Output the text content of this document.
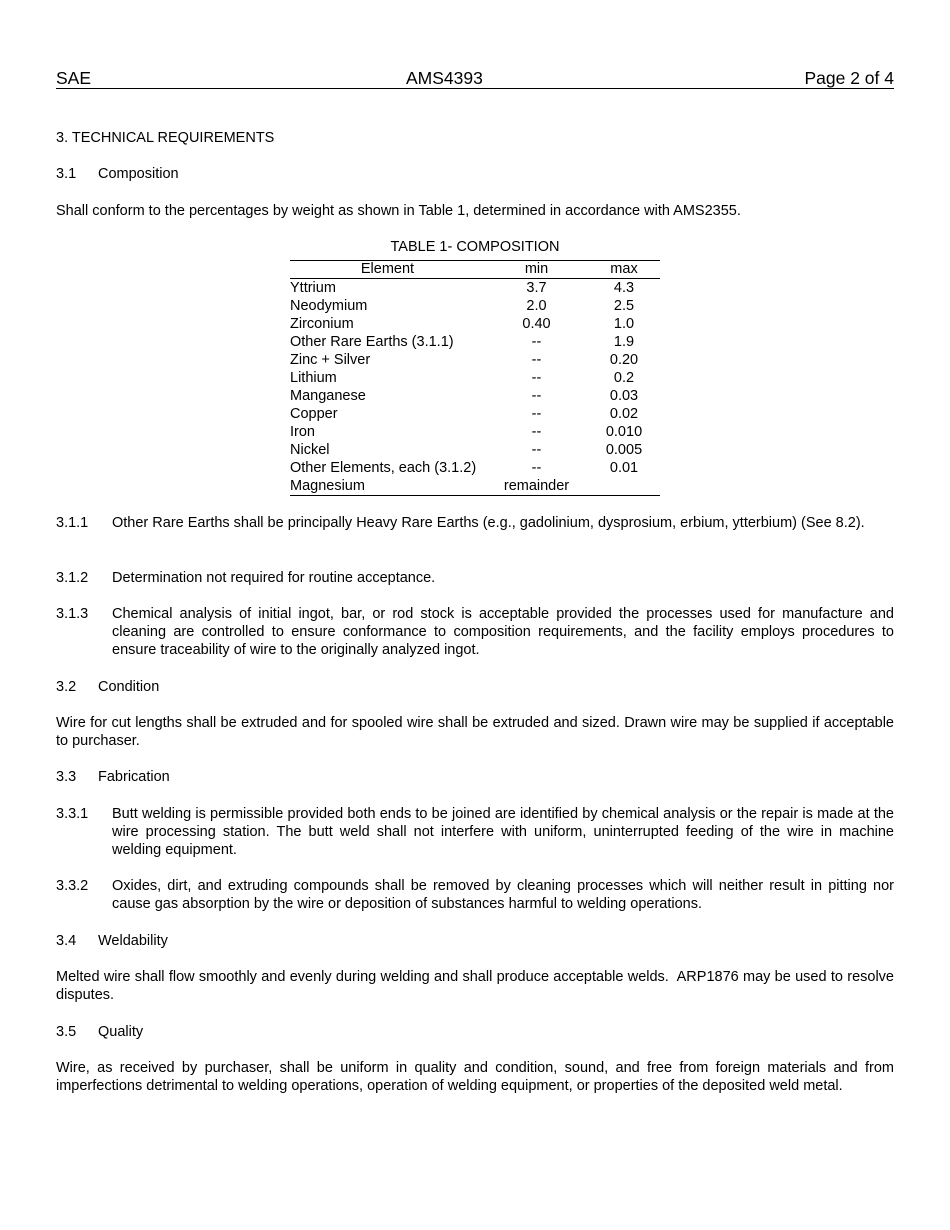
SAE	AMS4393	Page 2 of 4
3. TECHNICAL REQUIREMENTS
3.1 Composition
Shall conform to the percentages by weight as shown in Table 1, determined in accordance with AMS2355.
TABLE 1- COMPOSITION
Element	min	max
Yttrium	3.7	4.3
Neodymium	2.0	2.5
Zirconium	0.40	1.0
Other Rare Earths (3.1.1)	--	1.9
Zinc + Silver	--	0.20
Lithium	--	0.2
Manganese	--	0.03
Copper	--	0.02
Iron	--	0.010
Nickel	--	0.005
Other Elements, each (3.1.2)	--	0.01
Magnesium	remainder	
3.1.1 Other Rare Earths shall be principally Heavy Rare Earths (e.g., gadolinium, dysprosium, erbium, ytterbium) (See 8.2).
3.1.2 Determination not required for routine acceptance.
3.1.3 Chemical analysis of initial ingot, bar, or rod stock is acceptable provided the processes used for manufacture and cleaning are controlled to ensure conformance to composition requirements, and the facility employs procedures to ensure traceability of wire to the originally analyzed ingot.
3.2 Condition
Wire for cut lengths shall be extruded and for spooled wire shall be extruded and sized. Drawn wire may be supplied if acceptable to purchaser.
3.3 Fabrication
3.3.1 Butt welding is permissible provided both ends to be joined are identified by chemical analysis or the repair is made at the wire processing station. The butt weld shall not interfere with uniform, uninterrupted feeding of the wire in machine welding equipment.
3.3.2 Oxides, dirt, and extruding compounds shall be removed by cleaning processes which will neither result in pitting nor cause gas absorption by the wire or deposition of substances harmful to welding operations.
3.4 Weldability
Melted wire shall flow smoothly and evenly during welding and shall produce acceptable welds.  ARP1876 may be used to resolve disputes.
3.5 Quality
Wire, as received by purchaser, shall be uniform in quality and condition, sound, and free from foreign materials and from imperfections detrimental to welding operations, operation of welding equipment, or properties of the deposited weld metal.
